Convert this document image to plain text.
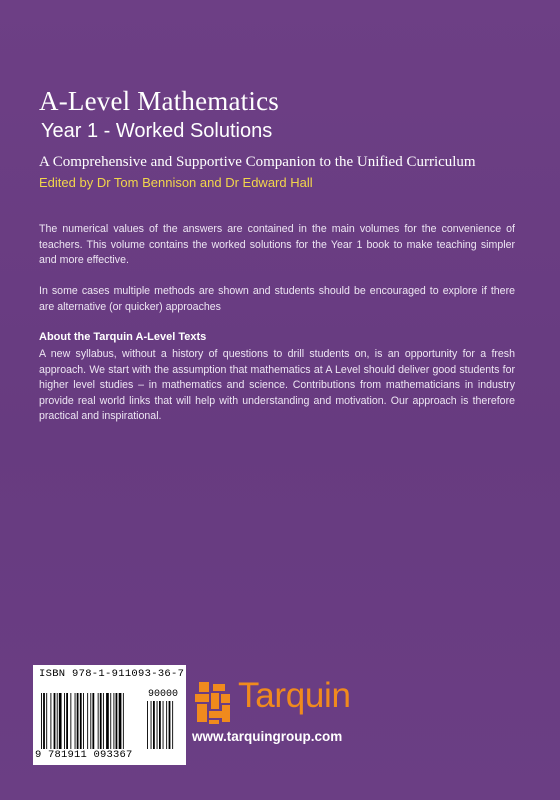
A-Level Mathematics
Year 1 - Worked Solutions
A Comprehensive and Supportive Companion to the Unified Curriculum
Edited by Dr Tom Bennison and Dr Edward Hall
The numerical values of the answers are contained in the main volumes for the convenience of teachers. This volume contains the worked solutions for the Year 1 book to make teaching simpler and more effective.
In some cases multiple methods are shown and students should be encouraged to explore if there are alternative (or quicker) approaches
About the Tarquin A-Level Texts
A new syllabus, without a history of questions to drill students on, is an opportunity for a fresh approach. We start with the assumption that mathematics at A Level should deliver good students for higher level studies – in mathematics and science. Contributions from mathematicians in industry provide real world links that will help with understanding and motivation. Our approach is therefore practical and inspirational.
ISBN 978-1-911093-36-7
90000
9 781911 093367
Tarquin
www.tarquingroup.com
